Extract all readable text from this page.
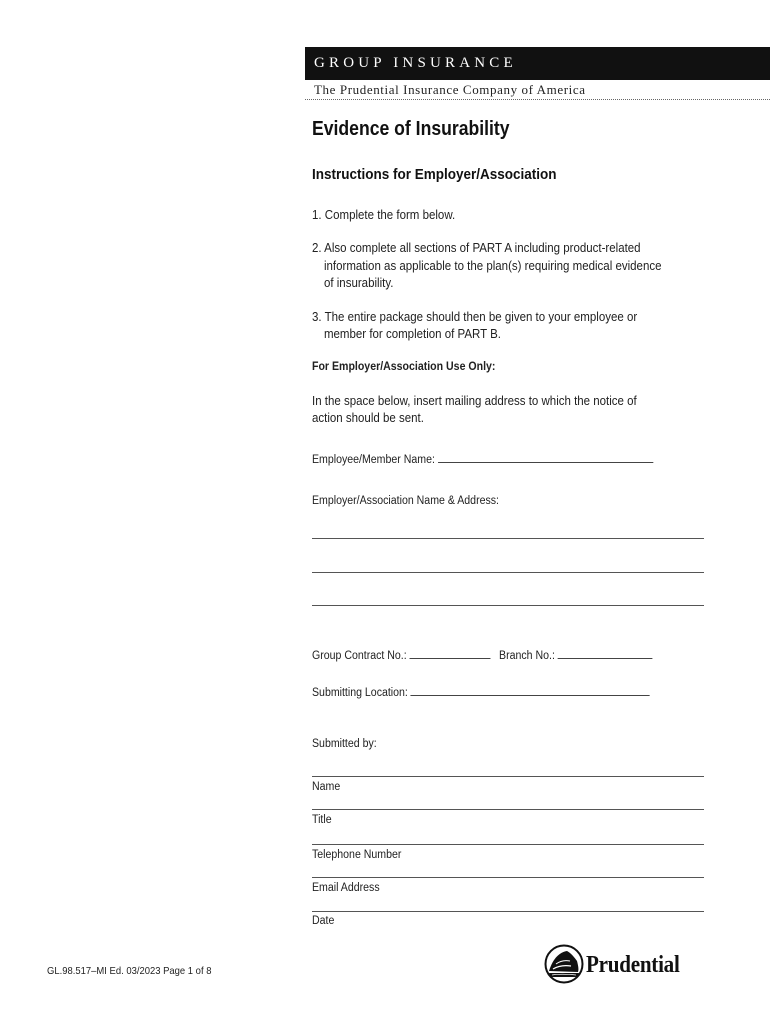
GROUP INSURANCE
The Prudential Insurance Company of America
Evidence of Insurability
Instructions for Employer/Association
1. Complete the form below.
2. Also complete all sections of PART A including product-related
information as applicable to the plan(s) requiring medical evidence
of insurability.
3. The entire package should then be given to your employee or
member for completion of PART B.
For Employer/Association Use Only:
In the space below, insert mailing address to which the notice of
action should be sent.
Employee/Member Name:
Employer/Association Name & Address:
Group Contract No.:	Branch No.:
Submitting Location:
Submitted by:
Name
Title
Telephone Number
Email Address
Date
GL.98.517–MI Ed. 03/2023 Page 1 of 8	Prudential
